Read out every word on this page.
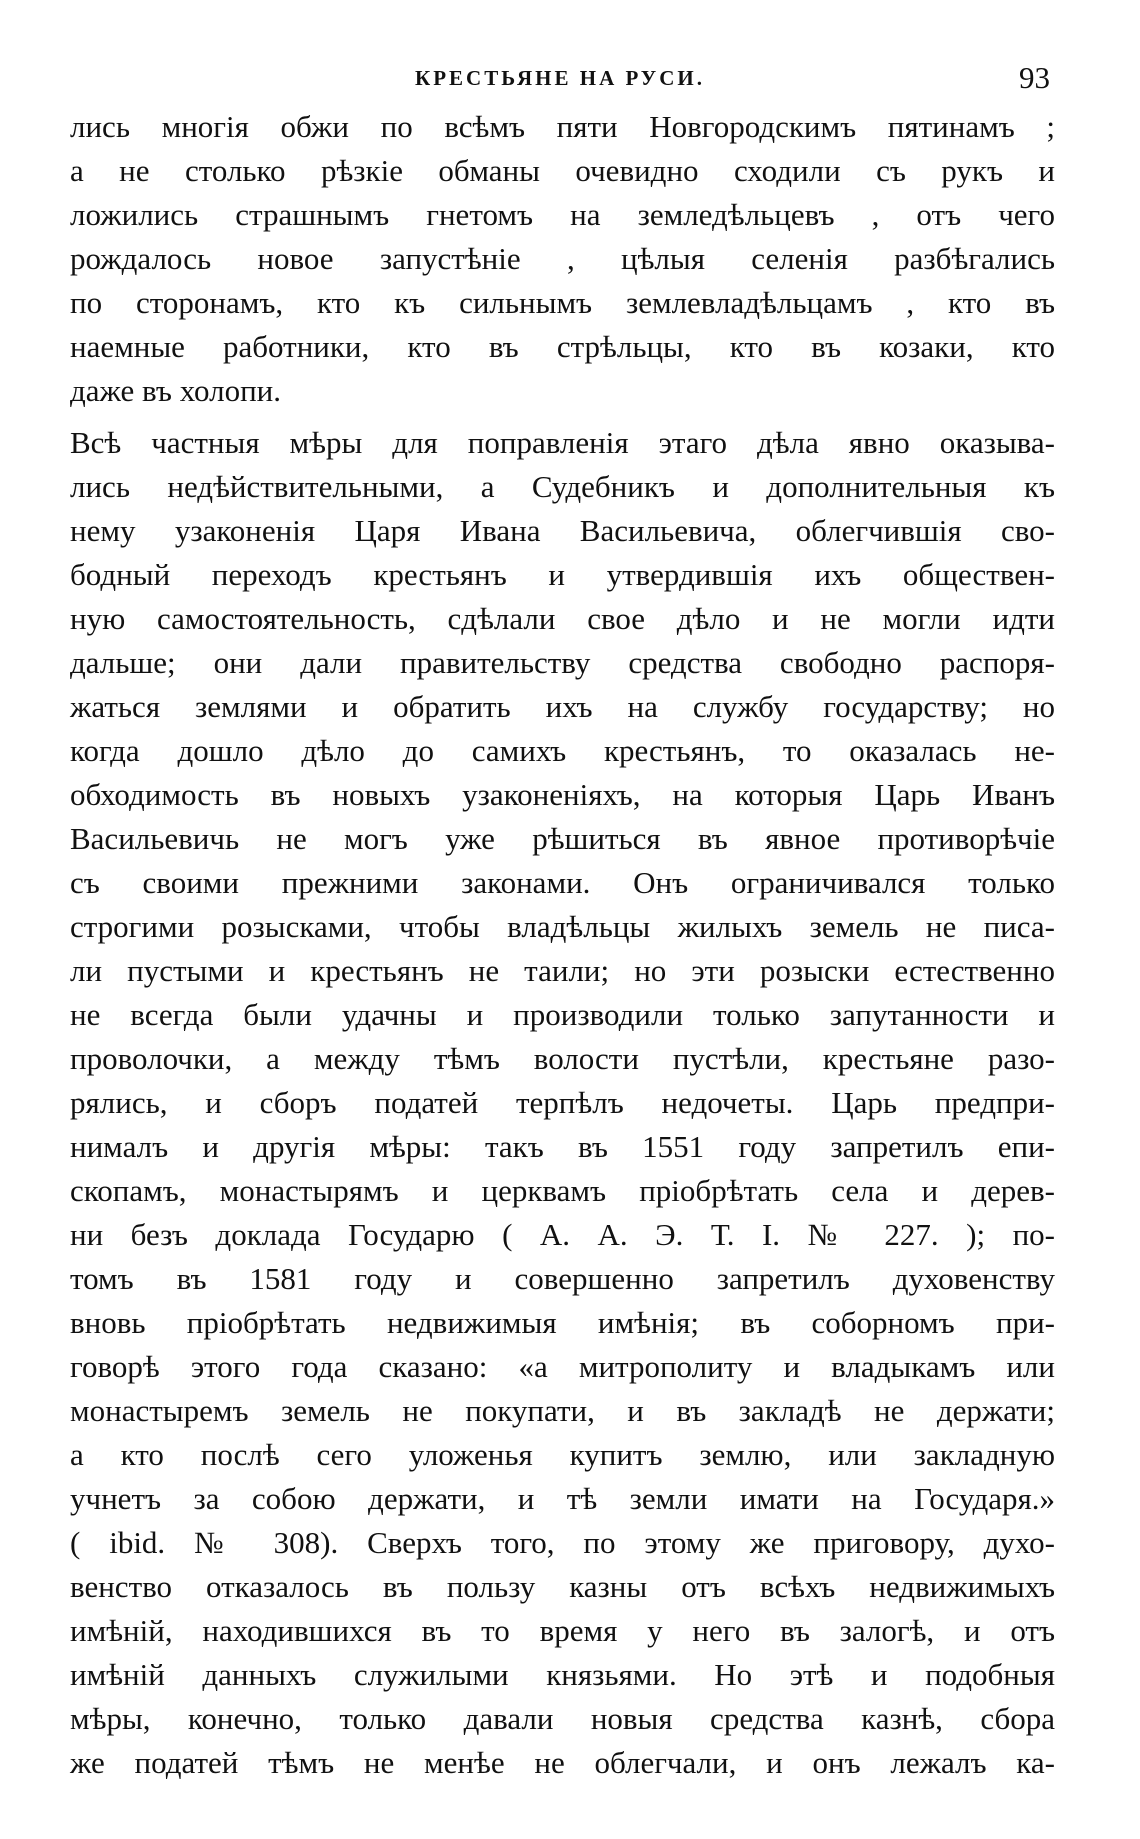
КРЕСТЬЯНЕ НА РУСИ.	93
лись многія обжи по всѣмъ пяти Новгородскимъ пятинамъ ;
а не столько рѣзкіе обманы очевидно сходили съ рукъ и
ложились страшнымъ гнетомъ на земледѣльцевъ , отъ чего
рождалось новое запустѣніе , цѣлыя селенія разбѣгались
по сторонамъ, кто къ сильнымъ землевладѣльцамъ , кто въ
наемные работники, кто въ стрѣльцы, кто въ козаки, кто
даже въ холопи.
Всѣ частныя мѣры для поправленія этаго дѣла явно оказыва-
лись недѣйствительными, а Судебникъ и дополнительныя къ
нему узаконенія Царя Ивана Васильевича, облегчившія сво-
бодный переходъ крестьянъ и утвердившія ихъ обществен-
ную самостоятельность, сдѣлали свое дѣло и не могли идти
дальше; они дали правительству средства свободно распоря-
жаться землями и обратить ихъ на службу государству; но
когда дошло дѣло до самихъ крестьянъ, то оказалась не-
обходимость въ новыхъ узаконеніяхъ, на которыя Царь Иванъ
Васильевичь не могъ уже рѣшиться въ явное противорѣчіе
съ своими прежними законами. Онъ ограничивался только
строгими розысками, чтобы владѣльцы жилыхъ земель не писа-
ли пустыми и крестьянъ не таили; но эти розыски естественно
не всегда были удачны и производили только запутанности и
проволочки, а между тѣмъ волости пустѣли, крестьяне разо-
рялись, и сборъ податей терпѣлъ недочеты. Царь предпри-
нималъ и другія мѣры: такъ въ 1551 году запретилъ епи-
скопамъ, монастырямъ и церквамъ пріобрѣтать села и дерев-
ни безъ доклада Государю ( А. А. Э. Т. I. № 227. ); по-
томъ въ 1581 году и совершенно запретилъ духовенству
вновь пріобрѣтать недвижимыя имѣнія; въ соборномъ при-
говорѣ этого года сказано: «а митрополиту и владыкамъ или
монастыремъ земель не покупати, и въ закладѣ не держати;
а кто послѣ сего уложенья купитъ землю, или закладную
учнетъ за собою держати, и тѣ земли имати на Государя.»
( ibid. № 308). Сверхъ того, по этому же приговору, духо-
венство отказалось въ пользу казны отъ всѣхъ недвижимыхъ
имѣній, находившихся въ то время у него въ залогѣ, и отъ
имѣній данныхъ служилыми князьями. Но этѣ и подобныя
мѣры, конечно, только давали новыя средства казнѣ, сбора
же податей тѣмъ не менѣе не облегчали, и онъ лежалъ ка-
